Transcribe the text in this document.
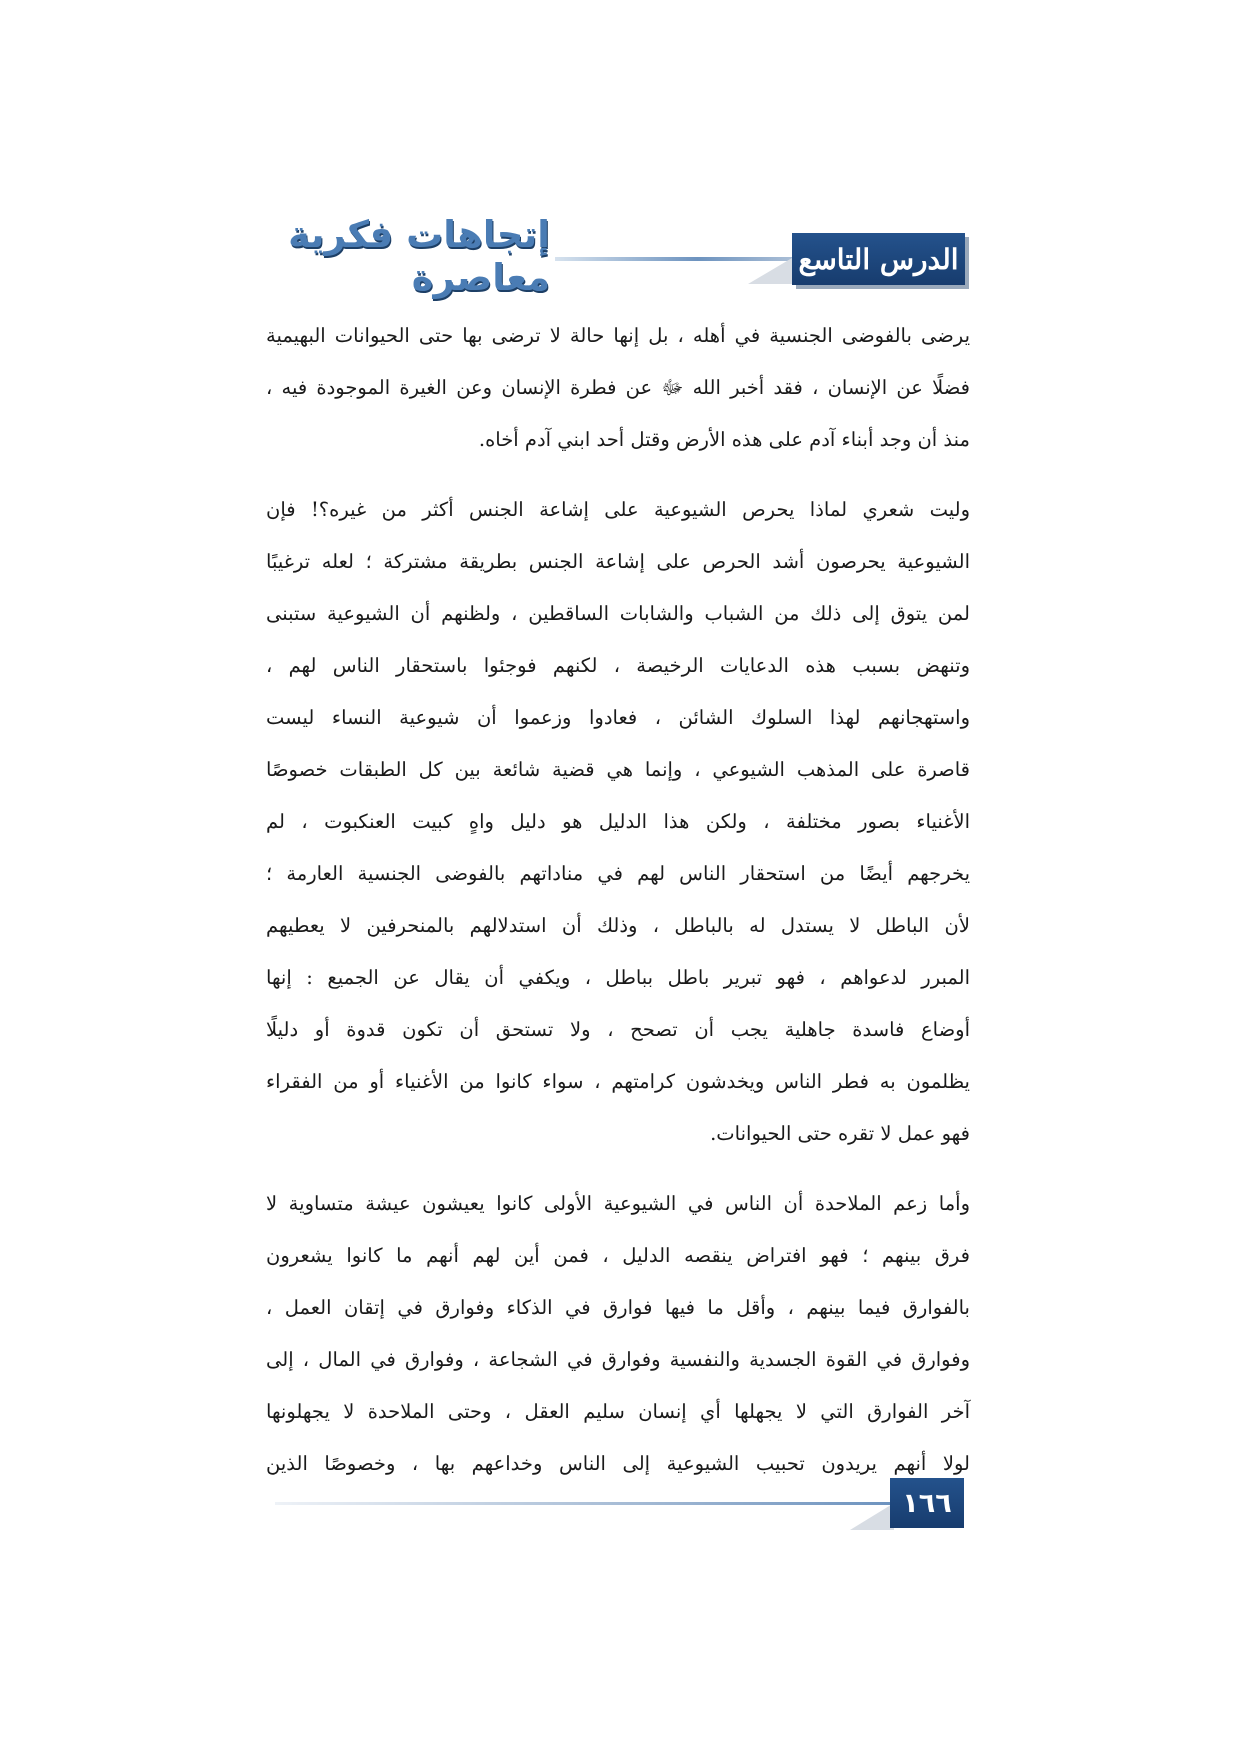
الدرس التاسع
إتجاهات فكرية معاصرة
يرضى بالفوضى الجنسية في أهله ، بل إنها حالة لا ترضى بها حتى الحيوانات البهيمية
فضلًا عن الإنسان ، فقد أخبر الله ﷻ عن فطرة الإنسان وعن الغيرة الموجودة فيه ،
منذ أن وجد أبناء آدم على هذه الأرض وقتل أحد ابني آدم أخاه.
وليت شعري لماذا يحرص الشيوعية على إشاعة الجنس أكثر من غيره؟! فإن
الشيوعية يحرصون أشد الحرص على إشاعة الجنس بطريقة مشتركة ؛ لعله ترغيبًا
لمن يتوق إلى ذلك من الشباب والشابات الساقطين ، ولظنهم أن الشيوعية ستبنى
وتنهض بسبب هذه الدعايات الرخيصة ، لكنهم فوجئوا باستحقار الناس لهم ،
واستهجانهم لهذا السلوك الشائن ، فعادوا وزعموا أن شيوعية النساء ليست
قاصرة على المذهب الشيوعي ، وإنما هي قضية شائعة بين كل الطبقات خصوصًا
الأغنياء بصور مختلفة ، ولكن هذا الدليل هو دليل واهٍ كبيت العنكبوت ، لم
يخرجهم أيضًا من استحقار الناس لهم في مناداتهم بالفوضى الجنسية العارمة ؛
لأن الباطل لا يستدل له بالباطل ، وذلك أن استدلالهم بالمنحرفين لا يعطيهم
المبرر لدعواهم ، فهو تبرير باطل بباطل ، ويكفي أن يقال عن الجميع : إنها
أوضاع فاسدة جاهلية يجب أن تصحح ، ولا تستحق أن تكون قدوة أو دليلًا
يظلمون به فطر الناس ويخدشون كرامتهم ، سواء كانوا من الأغنياء أو من الفقراء
فهو عمل لا تقره حتى الحيوانات.
وأما زعم الملاحدة أن الناس في الشيوعية الأولى كانوا يعيشون عيشة متساوية لا
فرق بينهم ؛ فهو افتراض ينقصه الدليل ، فمن أين لهم أنهم ما كانوا يشعرون
بالفوارق فيما بينهم ، وأقل ما فيها فوارق في الذكاء وفوارق في إتقان العمل ،
وفوارق في القوة الجسدية والنفسية وفوارق في الشجاعة ، وفوارق في المال ، إلى
آخر الفوارق التي لا يجهلها أي إنسان سليم العقل ، وحتى الملاحدة لا يجهلونها
لولا أنهم يريدون تحبيب الشيوعية إلى الناس وخداعهم بها ، وخصوصًا الذين
١٦٦
